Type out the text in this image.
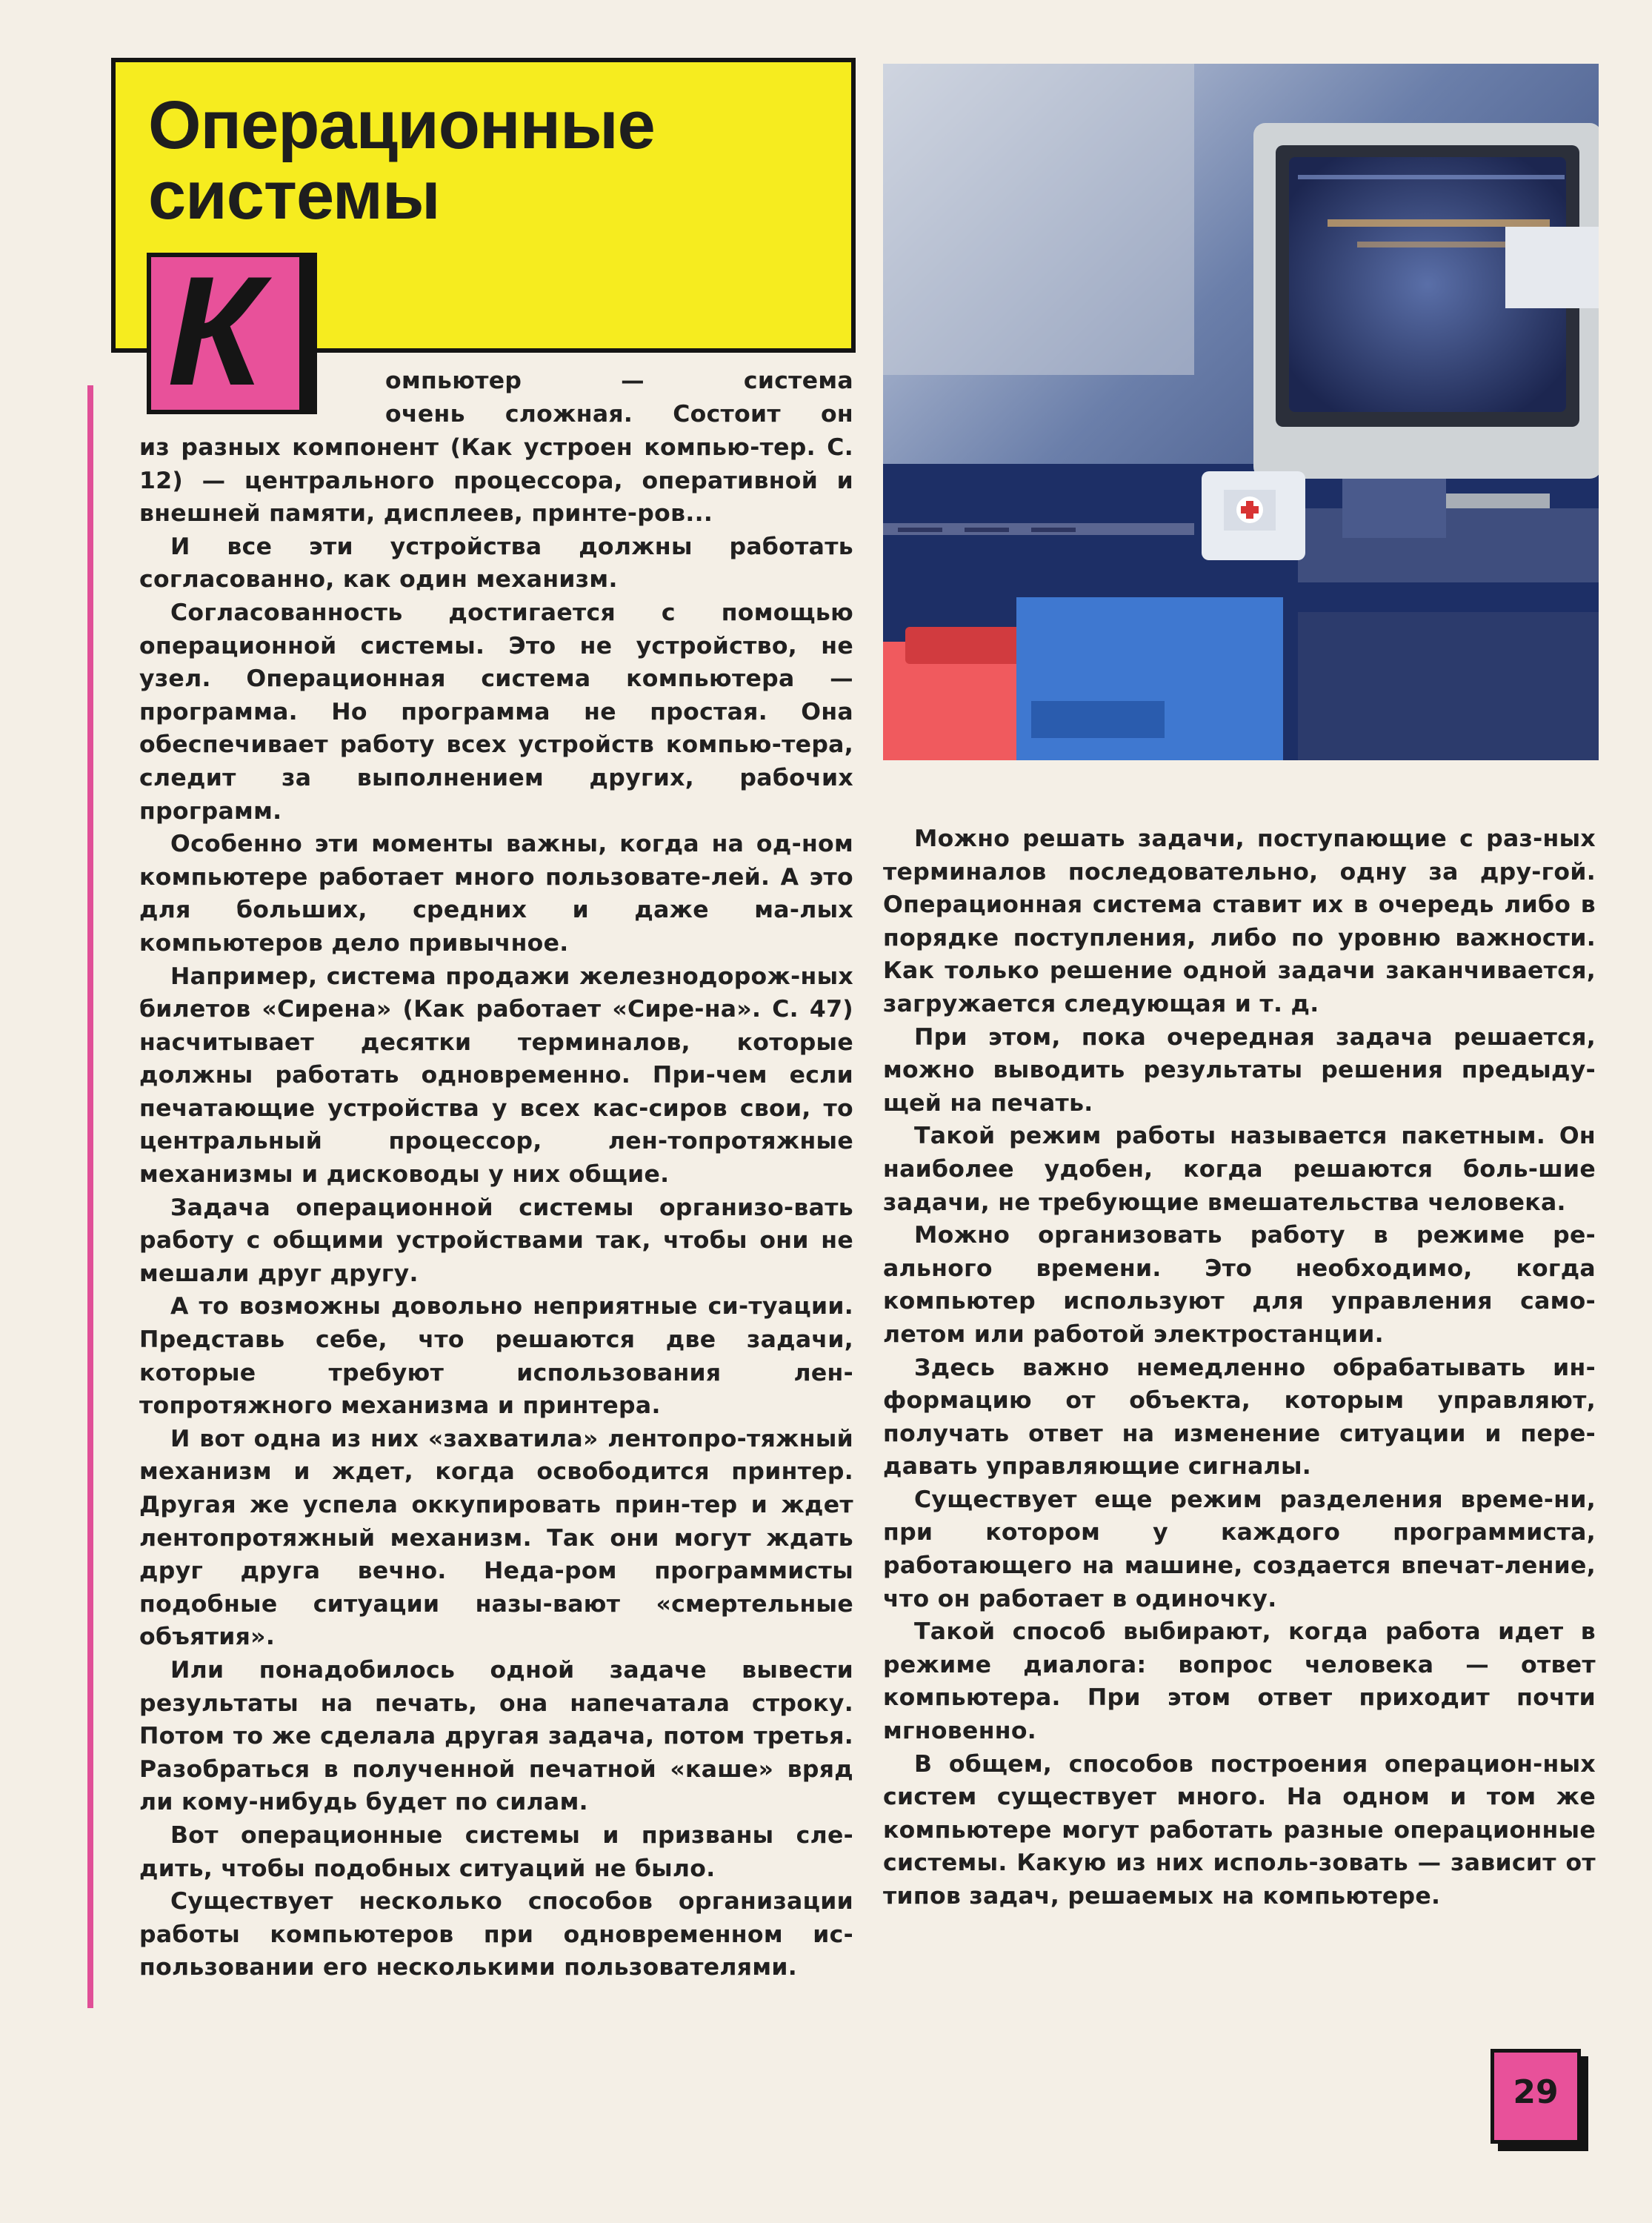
Операционные
системы
К	омпьютер — система
очень сложная. Состоит он

из разных компонент (Как устроен компью-тер. С. 12) — центрального процессора, оперативной и внешней памяти, дисплеев, принте-ров...

И все эти устройства должны работать согласованно, как один механизм.

Согласованность достигается с помощью операционной системы. Это не устройство, не узел. Операционная система компьютера — программа. Но программа не простая. Она обеспечивает работу всех устройств компью-тера, следит за выполнением других, рабочих программ.

Особенно эти моменты важны, когда на од-ном компьютере работает много пользовате-лей. А это для больших, средних и даже ма-лых компьютеров дело привычное.

Например, система продажи железнодорож-ных билетов «Сирена» (Как работает «Сире-на». С. 47) насчитывает десятки терминалов, которые должны работать одновременно. При-чем если печатающие устройства у всех кас-сиров свои, то центральный процессор, лен-топротяжные механизмы и дисководы у них общие.

Задача операционной системы организо-вать работу с общими устройствами так, чтобы они не мешали друг другу.

А то возможны довольно неприятные си-туации. Представь себе, что решаются две задачи, которые требуют использования лен-топротяжного механизма и принтера.

И вот одна из них «захватила» лентопро-тяжный механизм и ждет, когда освободится принтер. Другая же успела оккупировать прин-тер и ждет лентопротяжный механизм. Так они могут ждать друг друга вечно. Неда-ром программисты подобные ситуации назы-вают «смертельные объятия».

Или понадобилось одной задаче вывести результаты на печать, она напечатала строку. Потом то же сделала другая задача, потом третья. Разобраться в полученной печатной «каше» вряд ли кому-нибудь будет по силам.

Вот операционные системы и призваны сле-дить, чтобы подобных ситуаций не было.

Существует несколько способов организации работы компьютеров при одновременном ис-пользовании его несколькими пользователями.

Можно решать задачи, поступающие с раз-ных терминалов последовательно, одну за дру-гой. Операционная система ставит их в очередь либо в порядке поступления, либо по уровню важности. Как только решение одной задачи заканчивается, загружается следующая и т. д.

При этом, пока очередная задача решается, можно выводить результаты решения предыду-щей на печать.

Такой режим работы называется пакетным. Он наиболее удобен, когда решаются боль-шие задачи, не требующие вмешательства человека.

Можно организовать работу в режиме ре-ального времени. Это необходимо, когда компьютер используют для управления само-летом или работой электростанции.

Здесь важно немедленно обрабатывать ин-формацию от объекта, которым управляют, получать ответ на изменение ситуации и пере-давать управляющие сигналы.

Существует еще режим разделения време-ни, при котором у каждого программиста, работающего на машине, создается впечат-ление, что он работает в одиночку.

Такой способ выбирают, когда работа идет в режиме диалога: вопрос человека — ответ компьютера. При этом ответ приходит почти мгновенно.

В общем, способов построения операцион-ных систем существует много. На одном и том же компьютере могут работать разные операционные системы. Какую из них исполь-зовать — зависит от типов задач, решаемых на компьютере.

29
